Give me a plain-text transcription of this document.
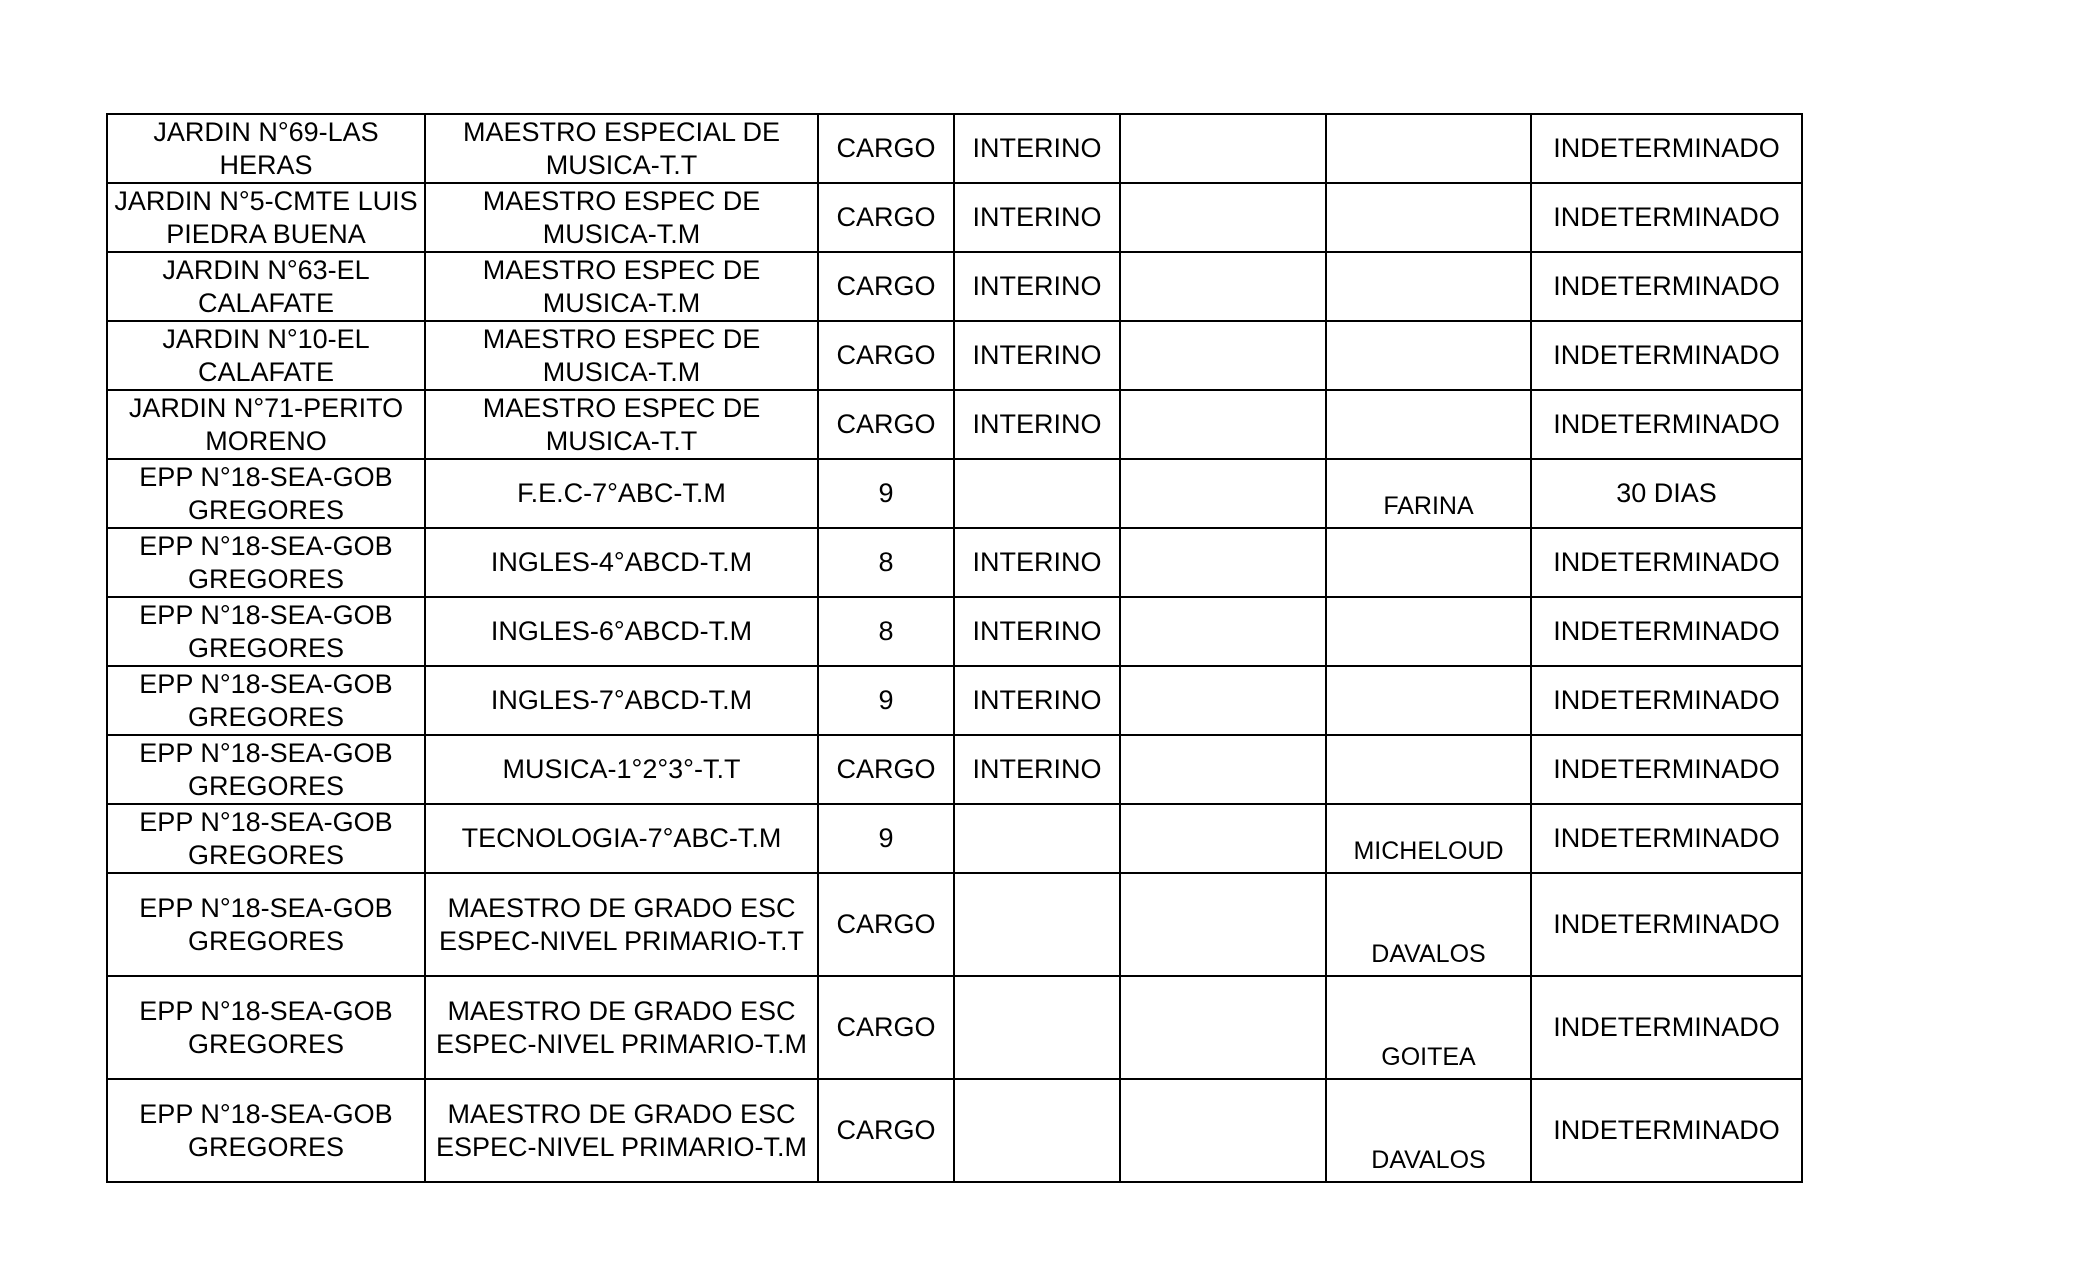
JARDIN N°69-LAS HERAS	MAESTRO ESPECIAL DE MUSICA-T.T	CARGO	INTERINO			INDETERMINADO
JARDIN N°5-CMTE LUIS PIEDRA BUENA	MAESTRO ESPEC DE MUSICA-T.M	CARGO	INTERINO			INDETERMINADO
JARDIN N°63-EL CALAFATE	MAESTRO ESPEC DE MUSICA-T.M	CARGO	INTERINO			INDETERMINADO
JARDIN N°10-EL CALAFATE	MAESTRO ESPEC DE MUSICA-T.M	CARGO	INTERINO			INDETERMINADO
JARDIN N°71-PERITO MORENO	MAESTRO ESPEC DE MUSICA-T.T	CARGO	INTERINO			INDETERMINADO
EPP N°18-SEA-GOB GREGORES	F.E.C-7°ABC-T.M	9			FARINA	30 DIAS
EPP N°18-SEA-GOB GREGORES	INGLES-4°ABCD-T.M	8	INTERINO			INDETERMINADO
EPP N°18-SEA-GOB GREGORES	INGLES-6°ABCD-T.M	8	INTERINO			INDETERMINADO
EPP N°18-SEA-GOB GREGORES	INGLES-7°ABCD-T.M	9	INTERINO			INDETERMINADO
EPP N°18-SEA-GOB GREGORES	MUSICA-1°2°3°-T.T	CARGO	INTERINO			INDETERMINADO
EPP N°18-SEA-GOB GREGORES	TECNOLOGIA-7°ABC-T.M	9			MICHELOUD	INDETERMINADO
EPP N°18-SEA-GOB GREGORES	MAESTRO DE GRADO ESC ESPEC-NIVEL PRIMARIO-T.T	CARGO			DAVALOS	INDETERMINADO
EPP N°18-SEA-GOB GREGORES	MAESTRO DE GRADO ESC ESPEC-NIVEL PRIMARIO-T.M	CARGO			GOITEA	INDETERMINADO
EPP N°18-SEA-GOB GREGORES	MAESTRO DE GRADO ESC ESPEC-NIVEL PRIMARIO-T.M	CARGO			DAVALOS	INDETERMINADO
